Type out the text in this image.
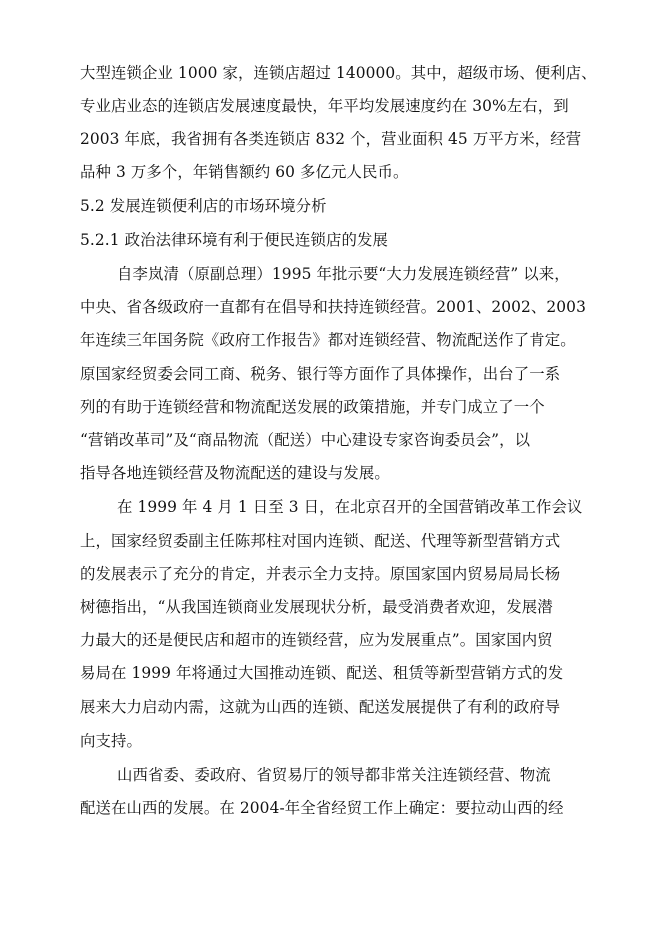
大型连锁企业 1000 家，连锁店超过 140000。其中，超级市场、便利店、
专业店业态的连锁店发展速度最快，年平均发展速度约在 30%左右，到
2003 年底，我省拥有各类连锁店 832 个，营业面积 45 万平方米，经营
品种 3 万多个，年销售额约 60 多亿元人民币。
5.2 发展连锁便利店的市场环境分析
5.2.1 政治法律环境有利于便民连锁店的发展
自李岚清（原副总理）1995 年批示要“大力发展连锁经营” 以来，
中央、省各级政府一直都有在倡导和扶持连锁经营。2001、2002、2003
年连续三年国务院《政府工作报告》都对连锁经营、物流配送作了肯定。
原国家经贸委会同工商、税务、银行等方面作了具体操作，出台了一系
列的有助于连锁经营和物流配送发展的政策措施，并专门成立了一个
“营销改革司”及“商品物流（配送）中心建设专家咨询委员会”，以
指导各地连锁经营及物流配送的建设与发展。
在 1999 年 4 月 1 日至 3 日，在北京召开的全国营销改革工作会议
上，国家经贸委副主任陈邦柱对国内连锁、配送、代理等新型营销方式
的发展表示了充分的肯定，并表示全力支持。原国家国内贸易局局长杨
树德指出，“从我国连锁商业发展现状分析，最受消费者欢迎，发展潜
力最大的还是便民店和超市的连锁经营，应为发展重点”。国家国内贸
易局在 1999 年将通过大国推动连锁、配送、租赁等新型营销方式的发
展来大力启动内需，这就为山西的连锁、配送发展提供了有利的政府导
向支持。
山西省委、委政府、省贸易厅的领导都非常关注连锁经营、物流
配送在山西的发展。在 2004-年全省经贸工作上确定：要拉动山西的经
